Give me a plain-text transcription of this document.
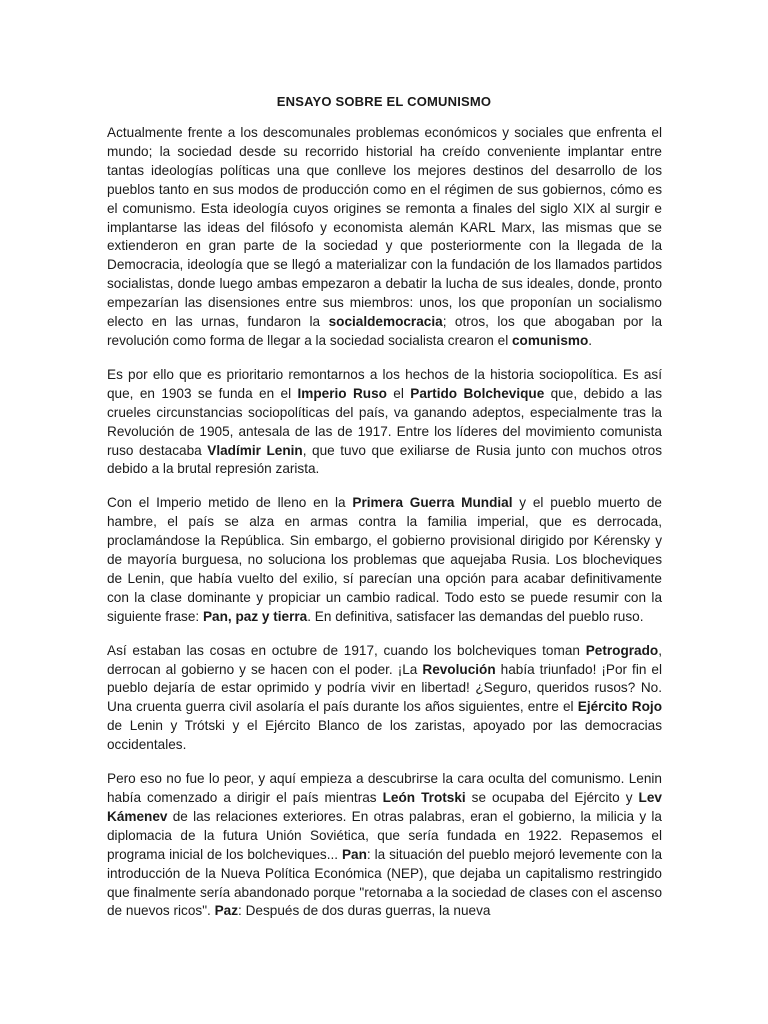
ENSAYO SOBRE EL COMUNISMO

Actualmente frente a los descomunales problemas económicos y sociales que enfrenta el mundo; la sociedad desde su recorrido historial ha creído conveniente implantar entre tantas ideologías políticas una que conlleve los mejores destinos del desarrollo de los pueblos tanto en sus modos de producción como en el régimen de sus gobiernos, cómo es el comunismo. Esta ideología cuyos origines se remonta a finales del siglo XIX al surgir e implantarse las ideas del filósofo y economista alemán KARL Marx, las mismas que se extienderon en gran parte de la sociedad y que posteriormente con la llegada de la Democracia, ideología que se llegó a materializar con la fundación de los llamados partidos socialistas, donde luego ambas empezaron a debatir la lucha de sus ideales, donde, pronto empezarían las disensiones entre sus miembros: unos, los que proponían un socialismo electo en las urnas, fundaron la socialdemocracia; otros, los que abogaban por la revolución como forma de llegar a la sociedad socialista crearon el comunismo.

Es por ello que es prioritario remontarnos a los hechos de la historia sociopolítica. Es así que, en 1903 se funda en el Imperio Ruso el Partido Bolchevique que, debido a las crueles circunstancias sociopolíticas del país, va ganando adeptos, especialmente tras la Revolución de 1905, antesala de las de 1917. Entre los líderes del movimiento comunista ruso destacaba Vladímir Lenin, que tuvo que exiliarse de Rusia junto con muchos otros debido a la brutal represión zarista.

Con el Imperio metido de lleno en la Primera Guerra Mundial y el pueblo muerto de hambre, el país se alza en armas contra la familia imperial, que es derrocada, proclamándose la República. Sin embargo, el gobierno provisional dirigido por Kérensky y de mayoría burguesa, no soluciona los problemas que aquejaba Rusia. Los blocheviques de Lenin, que había vuelto del exilio, sí parecían una opción para acabar definitivamente con la clase dominante y propiciar un cambio radical. Todo esto se puede resumir con la siguiente frase: Pan, paz y tierra. En definitiva, satisfacer las demandas del pueblo ruso.

Así estaban las cosas en octubre de 1917, cuando los bolcheviques toman Petrogrado, derrocan al gobierno y se hacen con el poder. ¡La Revolución había triunfado! ¡Por fin el pueblo dejaría de estar oprimido y podría vivir en libertad! ¿Seguro, queridos rusos? No. Una cruenta guerra civil asolaría el país durante los años siguientes, entre el Ejército Rojo de Lenin y Trótski y el Ejército Blanco de los zaristas, apoyado por las democracias occidentales.

Pero eso no fue lo peor, y aquí empieza a descubrirse la cara oculta del comunismo. Lenin había comenzado a dirigir el país mientras León Trotski se ocupaba del Ejército y Lev Kámenev de las relaciones exteriores. En otras palabras, eran el gobierno, la milicia y la diplomacia de la futura Unión Soviética, que sería fundada en 1922. Repasemos el programa inicial de los bolcheviques... Pan: la situación del pueblo mejoró levemente con la introducción de la Nueva Política Económica (NEP), que dejaba un capitalismo restringido que finalmente sería abandonado porque "retornaba a la sociedad de clases con el ascenso de nuevos ricos". Paz: Después de dos duras guerras, la nueva
